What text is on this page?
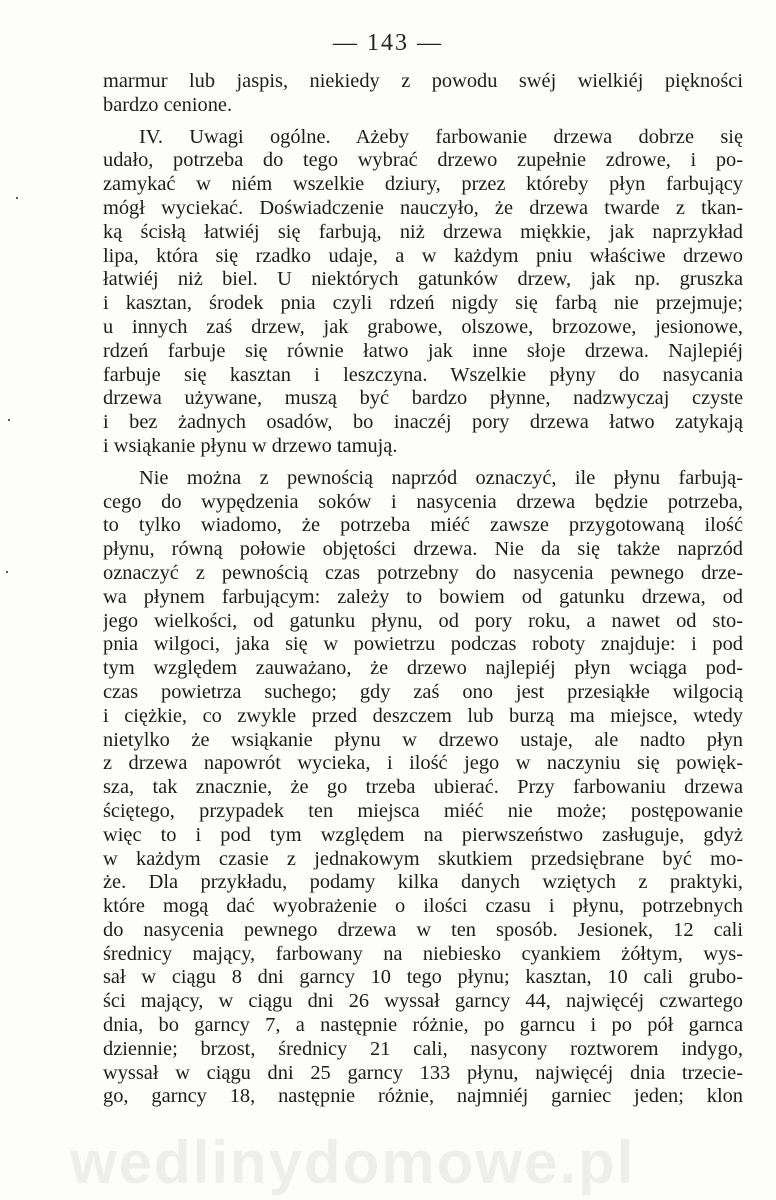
— 143 —
marmur lub jaspis, niekiedy z powodu swéj wielkiéj piękności
bardzo cenione.
IV. Uwagi ogólne. Ażeby farbowanie drzewa dobrze się
udało, potrzeba do tego wybrać drzewo zupełnie zdrowe, i po-
zamykać w niém wszelkie dziury, przez któreby płyn farbujący
mógł wyciekać. Doświadczenie nauczyło, że drzewa twarde z tkan-
ką ścisłą łatwiéj się farbują, niż drzewa miękkie, jak naprzykład
lipa, która się rzadko udaje, a w każdym pniu właściwe drzewo
łatwiéj niż biel. U niektórych gatunków drzew, jak np. gruszka
i kasztan, środek pnia czyli rdzeń nigdy się farbą nie przejmuje;
u innych zaś drzew, jak grabowe, olszowe, brzozowe, jesionowe,
rdzeń farbuje się równie łatwo jak inne słoje drzewa. Najlepiéj
farbuje się kasztan i leszczyna. Wszelkie płyny do nasycania
drzewa używane, muszą być bardzo płynne, nadzwyczaj czyste
i bez żadnych osadów, bo inaczéj pory drzewa łatwo zatykają
i wsiąkanie płynu w drzewo tamują.
Nie można z pewnością naprzód oznaczyć, ile płynu farbują-
cego do wypędzenia soków i nasycenia drzewa będzie potrzeba,
to tylko wiadomo, że potrzeba miéć zawsze przygotowaną ilość
płynu, równą połowie objętości drzewa. Nie da się także naprzód
oznaczyć z pewnością czas potrzebny do nasycenia pewnego drze-
wa płynem farbującym: zależy to bowiem od gatunku drzewa, od
jego wielkości, od gatunku płynu, od pory roku, a nawet od sto-
pnia wilgoci, jaka się w powietrzu podczas roboty znajduje: i pod
tym względem zauważano, że drzewo najlepiéj płyn wciąga pod-
czas powietrza suchego; gdy zaś ono jest przesiąkłe wilgocią
i ciężkie, co zwykle przed deszczem lub burzą ma miejsce, wtedy
nietylko że wsiąkanie płynu w drzewo ustaje, ale nadto płyn
z drzewa napowrót wycieka, i ilość jego w naczyniu się powięk-
sza, tak znacznie, że go trzeba ubierać. Przy farbowaniu drzewa
ściętego, przypadek ten miejsca miéć nie może; postępowanie
więc to i pod tym względem na pierwszeństwo zasługuje, gdyż
w każdym czasie z jednakowym skutkiem przedsiębrane być mo-
że. Dla przykładu, podamy kilka danych wziętych z praktyki,
które mogą dać wyobrażenie o ilości czasu i płynu, potrzebnych
do nasycenia pewnego drzewa w ten sposób. Jesionek, 12 cali
średnicy mający, farbowany na niebiesko cyankiem żółtym, wys-
sał w ciągu 8 dni garncy 10 tego płynu; kasztan, 10 cali grubo-
ści mający, w ciągu dni 26 wyssał garncy 44, najwięcéj czwartego
dnia, bo garncy 7, a następnie różnie, po garncu i po pół garnca
dziennie; brzost, średnicy 21 cali, nasycony roztworem indygo,
wyssał w ciągu dni 25 garncy 133 płynu, najwięcéj dnia trzecie-
go, garncy 18, następnie różnie, najmniéj garniec jeden; klon
wedlinydomowe.pl
·
·
·
